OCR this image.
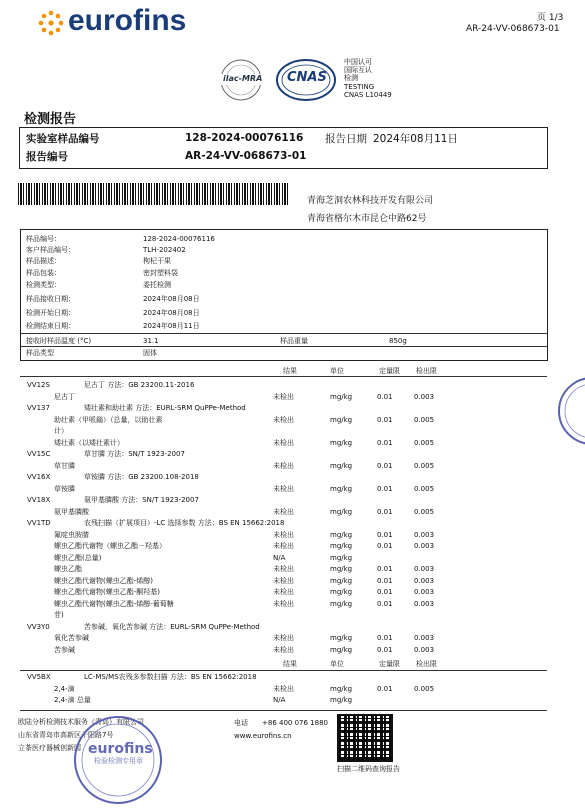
eurofins	页 1/3
AR-24-VV-068673-01
ilac-MRA CNAS
中国认可
国际互认
检测
TESTING
CNAS L10449
检测报告
实验室样品编号	128-2024-00076116 报告日期 2024年08月11日
报告编号	AR-24-VV-068673-01
青海芝洞农林科技开发有限公司
青海省格尔木市昆仑中路62号
样品编号：	128-2024-00076116
客户样品编号：	TLH-202402
样品描述：	枸杞干果
样品包装：	密封塑料袋
检测类型：	委托检测
样品接收日期：	2024年08月08日
检测开始日期：	2024年08月08日
检测结束日期：	2024年08月11日
接收时样品温度 (°C)	31.1	样品重量	850g
样品类型	固体
结果	单位	定量限 检出限
VV12S	尼古丁 方法：GB 23200.11-2016
尼古丁	未检出	mg/kg	0.01	0.003
VV137	矮壮素和助壮素 方法：EURL-SRM QuPPe-Method
助壮素（甲哌鎓）（总量，以助壮素	未检出	mg/kg	0.01	0.005
计）
矮壮素（以矮壮素计）	未检出	mg/kg	0.01	0.005
VV15C	草甘膦 方法：SN/T 1923-2007
草甘膦	未检出	mg/kg	0.01	0.005
VV16X	草铵膦 方法：GB 23200.108-2018
草铵膦	未检出	mg/kg	0.01	0.005
VV18X	氨甲基膦酸 方法：SN/T 1923-2007
氨甲基膦酸	未检出	mg/kg	0.01	0.005
VV1TD	农残扫描（扩展项目）-LC 选择参数 方法：BS EN 15662:2018
氟啶虫胺腈	未检出	mg/kg	0.01	0.003
螺虫乙酯代谢物（螺虫乙酯－羟基）	未检出	mg/kg	0.01	0.003
螺虫乙酯(总量)	N/A	mg/kg
螺虫乙酯	未检出	mg/kg	0.01	0.003
螺虫乙酯代谢物(螺虫乙酯-烯醇)	未检出	mg/kg	0.01	0.003
螺虫乙酯代谢物(螺虫乙酯-酮羟基)	未检出	mg/kg	0.01	0.003
螺虫乙酯代谢物(螺虫乙酯-烯醇-葡萄糖	未检出	mg/kg	0.01	0.003
苷)
VV3Y0	苦参碱，氧化苦参碱 方法：EURL-SRM QuPPe-Method
氧化苦参碱	未检出	mg/kg	0.01	0.003
苦参碱	未检出	mg/kg	0.01	0.003
结果	单位	定量限 检出限
VV5BX	LC-MS/MS农残多参数扫描 方法：BS EN 15662:2018
2,4-滴	未检出	mg/kg	0.01	0.005
2,4-滴 总量	N/A	mg/kg
欧陆分析检测技术服务（青岛）有限公司
山东省青岛市高新区千阳路7号
立茶医疗器械创新园
电话 +86 400 076 1880
www.eurofins.cn
扫描二维码查询报告
eurofins
检验检测专用章
